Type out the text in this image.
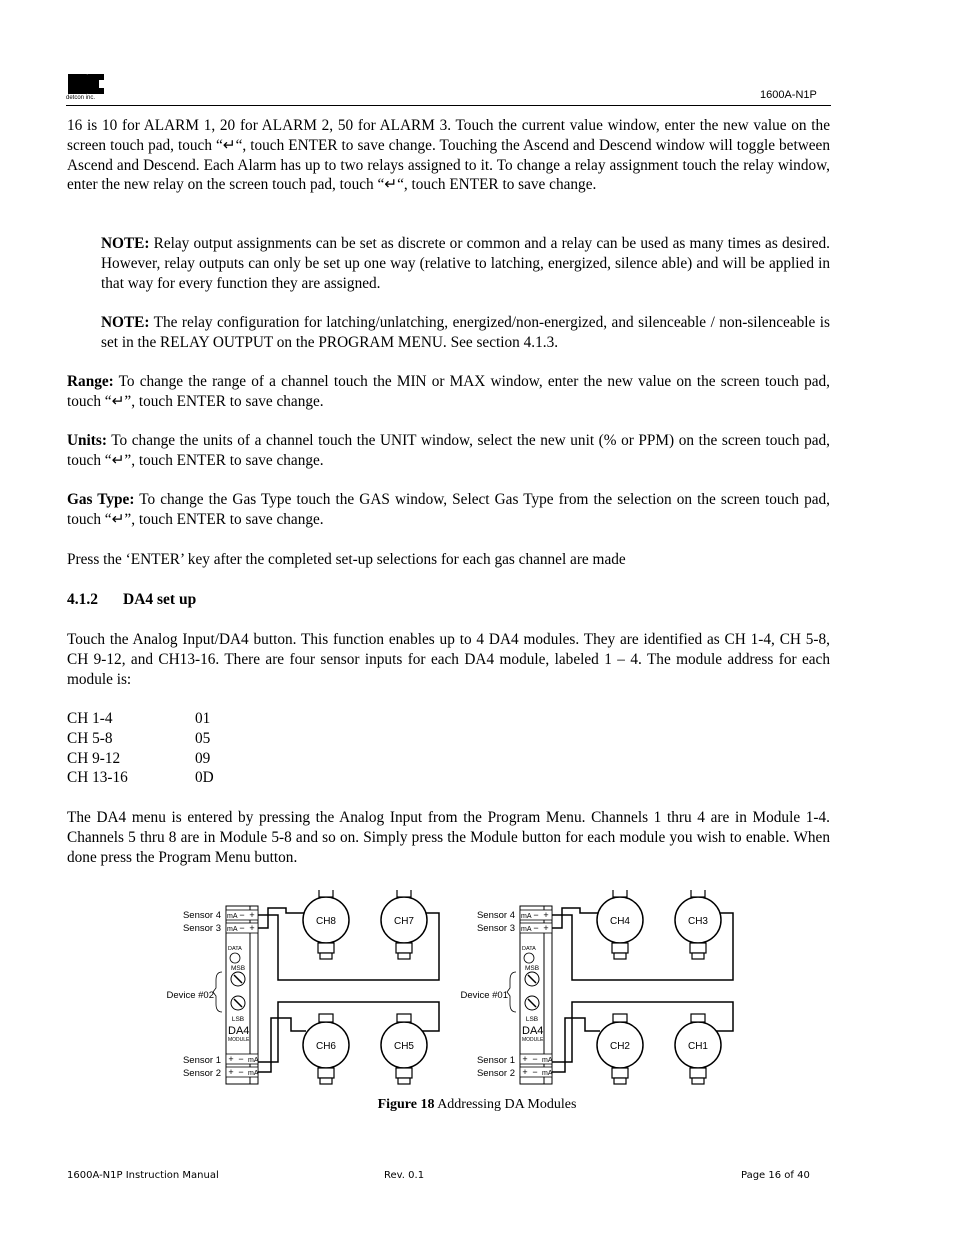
detcon inc.	1600A-N1P

16 is 10 for ALARM 1, 20 for ALARM 2, 50 for ALARM 3. Touch the current value window, enter the new value on the screen touch pad, touch “↵“, touch ENTER to save change. Touching the Ascend and Descend window will toggle between Ascend and Descend. Each Alarm has up to two relays assigned to it. To change a relay assignment touch the relay window, enter the new relay on the screen touch pad, touch “↵“, touch ENTER to save change.

NOTE: Relay output assignments can be set as discrete or common and a relay can be used as many times as desired. However, relay outputs can only be set up one way (relative to latching, energized, silence able) and will be applied in that way for every function they are assigned.

NOTE: The relay configuration for latching/unlatching, energized/non-energized, and silenceable / non-silenceable is set in the RELAY OUTPUT on the PROGRAM MENU. See section 4.1.3.

Range: To change the range of a channel touch the MIN or MAX window, enter the new value on the screen touch pad, touch “↵”, touch ENTER to save change.

Units: To change the units of a channel touch the UNIT window, select the new unit (% or PPM) on the screen touch pad, touch “↵”, touch ENTER to save change.

Gas Type: To change the Gas Type touch the GAS window, Select Gas Type from the selection on the screen touch pad, touch “↵”, touch ENTER to save change.

Press the ‘ENTER’ key after the completed set-up selections for each gas channel are made

4.1.2 DA4 set up

Touch the Analog Input/DA4 button. This function enables up to 4 DA4 modules. They are identified as CH 1-4, CH 5-8, CH 9-12, and CH13-16. There are four sensor inputs for each DA4 module, labeled 1 – 4. The module address for each module is:

CH 1-4	01
CH 5-8	05
CH 9-12	09
CH 13-16	0D

The DA4 menu is entered by pressing the Analog Input from the Program Menu. Channels 1 thru 4 are in Module 1-4. Channels 5 thru 8 are in Module 5-8 and so on. Simply press the Module button for each module you wish to enable. When done press the Program Menu button.

Sensor 4
Sensor 3
Sensor 1
Sensor 2
Device #02
mA − +
mA − +
DATA
MSB
LSB
DA4
MODULE
+ − mA
+ − mA
CH8	CH7
CH6	CH5
Sensor 4
Sensor 3
Sensor 1
Sensor 2
Device #01
mA − +
mA − +
DATA
MSB
LSB
DA4
MODULE
+ − mA
+ − mA
CH4	CH3
CH2	CH1
Figure 18 Addressing DA Modules
1600A-N1P Instruction Manual	Rev. 0.1	Page 16 of 40
